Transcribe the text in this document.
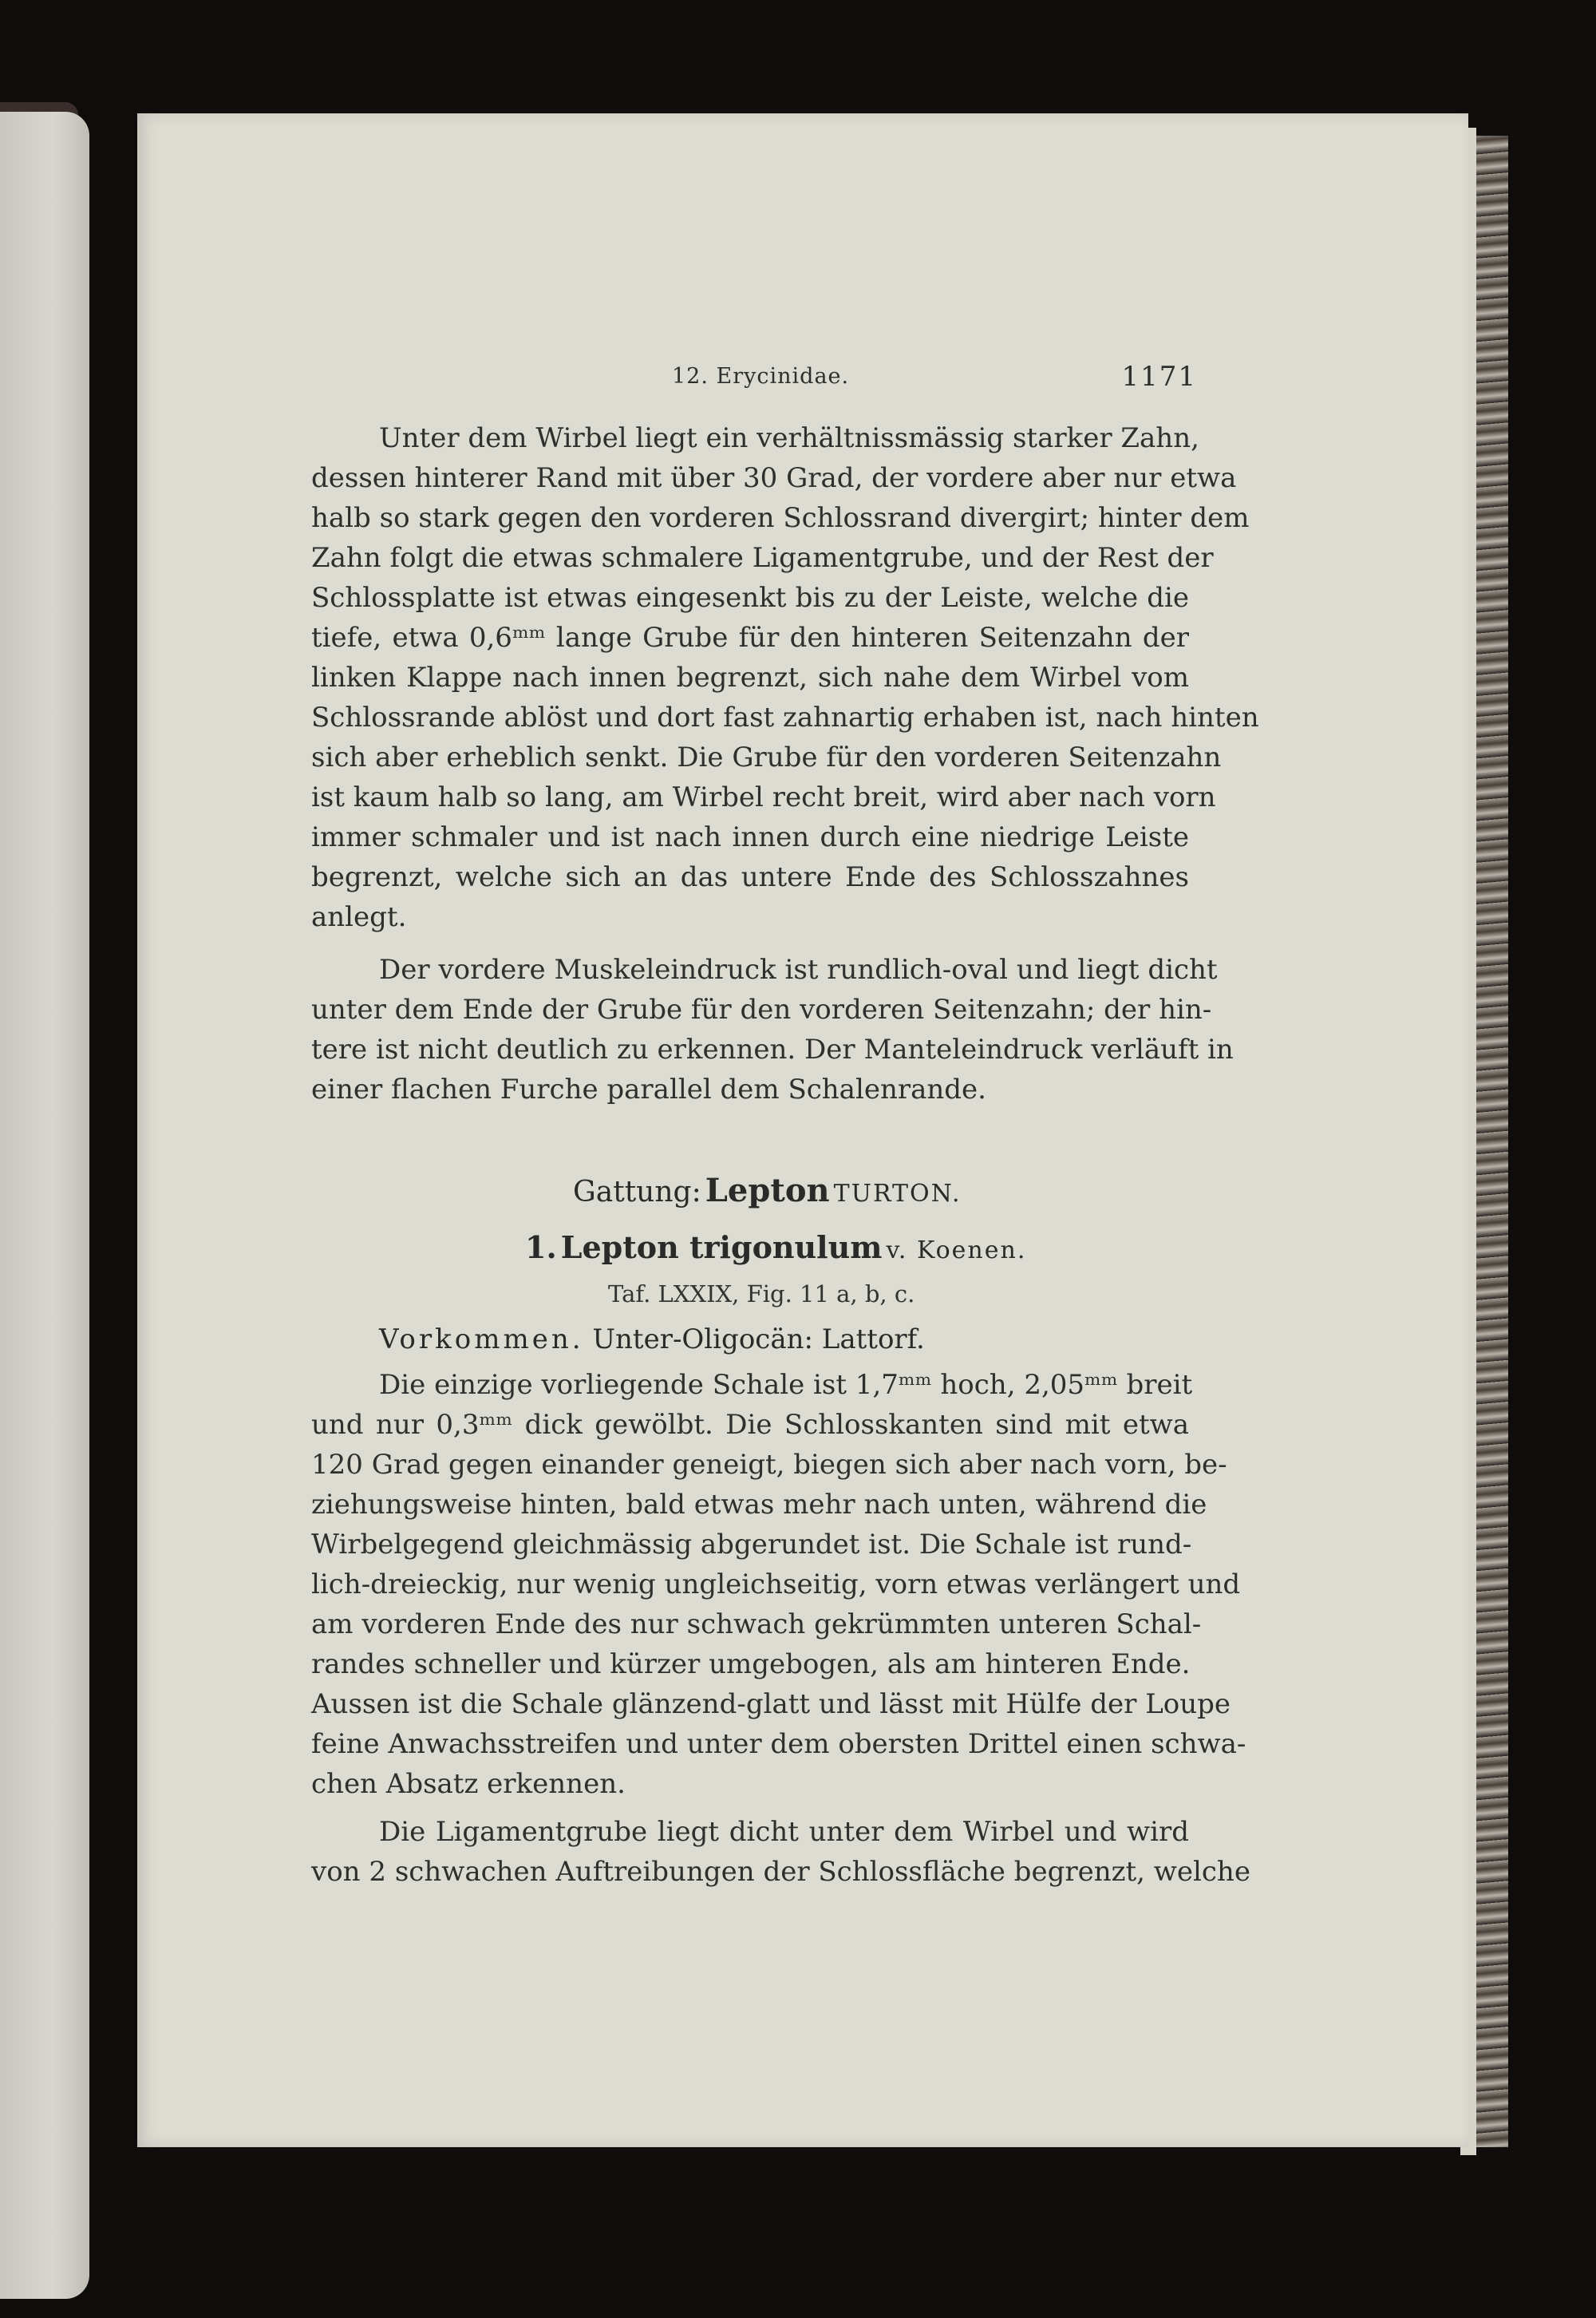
12. Erycinidae.	1171

Unter dem Wirbel liegt ein verhältnissmässig starker Zahn,

dessen hinterer Rand mit über 30 Grad, der vordere aber nur etwa

halb so stark gegen den vorderen Schlossrand divergirt; hinter dem

Zahn folgt die etwas schmalere Ligamentgrube, und der Rest der

Schlossplatte ist etwas eingesenkt bis zu der Leiste, welche die

tiefe, etwa 0,6ᵐᵐ lange Grube für den hinteren Seitenzahn der

linken Klappe nach innen begrenzt, sich nahe dem Wirbel vom

Schlossrande ablöst und dort fast zahnartig erhaben ist, nach hinten

sich aber erheblich senkt. Die Grube für den vorderen Seitenzahn

ist kaum halb so lang, am Wirbel recht breit, wird aber nach vorn

immer schmaler und ist nach innen durch eine niedrige Leiste

begrenzt, welche sich an das untere Ende des Schlosszahnes

anlegt.

Der vordere Muskeleindruck ist rundlich-oval und liegt dicht

unter dem Ende der Grube für den vorderen Seitenzahn; der hin-

tere ist nicht deutlich zu erkennen. Der Manteleindruck verläuft in

einer flachen Furche parallel dem Schalenrande.

Gattung: Lepton TURTON.

1. Lepton trigonulum v. Koenen.

Taf. LXXIX, Fig. 11 a, b, c.

Vorkommen. Unter-Oligocän: Lattorf.

Die einzige vorliegende Schale ist 1,7ᵐᵐ hoch, 2,05ᵐᵐ breit

und nur 0,3ᵐᵐ dick gewölbt. Die Schlosskanten sind mit etwa

120 Grad gegen einander geneigt, biegen sich aber nach vorn, be-

ziehungsweise hinten, bald etwas mehr nach unten, während die

Wirbelgegend gleichmässig abgerundet ist. Die Schale ist rund-

lich-dreieckig, nur wenig ungleichseitig, vorn etwas verlängert und

am vorderen Ende des nur schwach gekrümmten unteren Schal-

randes schneller und kürzer umgebogen, als am hinteren Ende.

Aussen ist die Schale glänzend-glatt und lässt mit Hülfe der Loupe

feine Anwachsstreifen und unter dem obersten Drittel einen schwa-

chen Absatz erkennen.

Die Ligamentgrube liegt dicht unter dem Wirbel und wird

von 2 schwachen Auftreibungen der Schlossfläche begrenzt, welche
